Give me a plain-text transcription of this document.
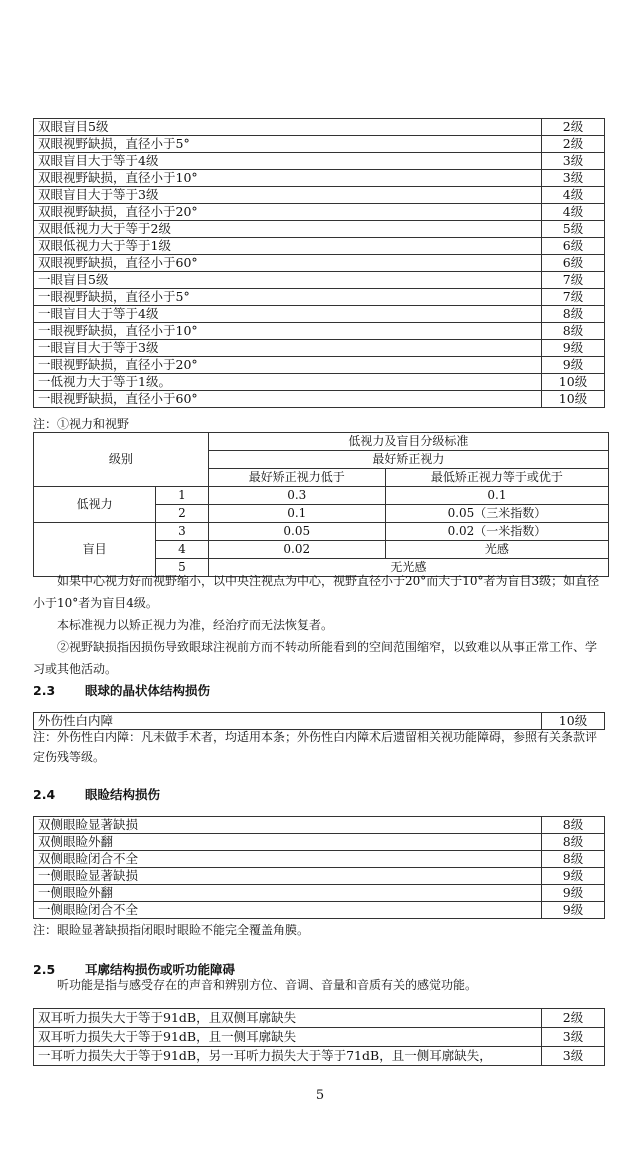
双眼盲目5级	2级
双眼视野缺损，直径小于5°	2级
双眼盲目大于等于4级	3级
双眼视野缺损，直径小于10°	3级
双眼盲目大于等于3级	4级
双眼视野缺损，直径小于20°	4级
双眼低视力大于等于2级	5级
双眼低视力大于等于1级	6级
双眼视野缺损，直径小于60°	6级
一眼盲目5级	7级
一眼视野缺损，直径小于5°	7级
一眼盲目大于等于4级	8级
一眼视野缺损，直径小于10°	8级
一眼盲目大于等于3级	9级
一眼视野缺损，直径小于20°	9级
一低视力大于等于1级。	10级
一眼视野缺损，直径小于60°	10级
注：①视力和视野
级别		低视力及盲目分级标准	
		最好矫正视力	
		最好矫正视力低于	最低矫正视力等于或优于
低视力	1	0.3	0.1
	2	0.1	0.05（三米指数）
盲目	3	0.05	0.02（一米指数）
	4	0.02	光感
	5	无光感	
如果中心视力好而视野缩小，以中央注视点为中心，视野直径小于20°而大于10°者为盲目3级；如直径小于10°者为盲目4级。
本标准视力以矫正视力为准，经治疗而无法恢复者。
②视野缺损指因损伤导致眼球注视前方而不转动所能看到的空间范围缩窄，以致难以从事正常工作、学习或其他活动。
2.3 眼球的晶状体结构损伤
外伤性白内障	10级
注：外伤性白内障：凡未做手术者，均适用本条；外伤性白内障术后遗留相关视功能障碍，参照有关条款评定伤残等级。
2.4 眼睑结构损伤
双侧眼睑显著缺损	8级
双侧眼睑外翻	8级
双侧眼睑闭合不全	8级
一侧眼睑显著缺损	9级
一侧眼睑外翻	9级
一侧眼睑闭合不全	9级
注：眼睑显著缺损指闭眼时眼睑不能完全覆盖角膜。
2.5 耳廓结构损伤或听功能障碍
听功能是指与感受存在的声音和辨别方位、音调、音量和音质有关的感觉功能。
双耳听力损失大于等于91dB，且双侧耳廓缺失	2级
双耳听力损失大于等于91dB，且一侧耳廓缺失	3级
一耳听力损失大于等于91dB，另一耳听力损失大于等于71dB，且一侧耳廓缺失，	3级
5
